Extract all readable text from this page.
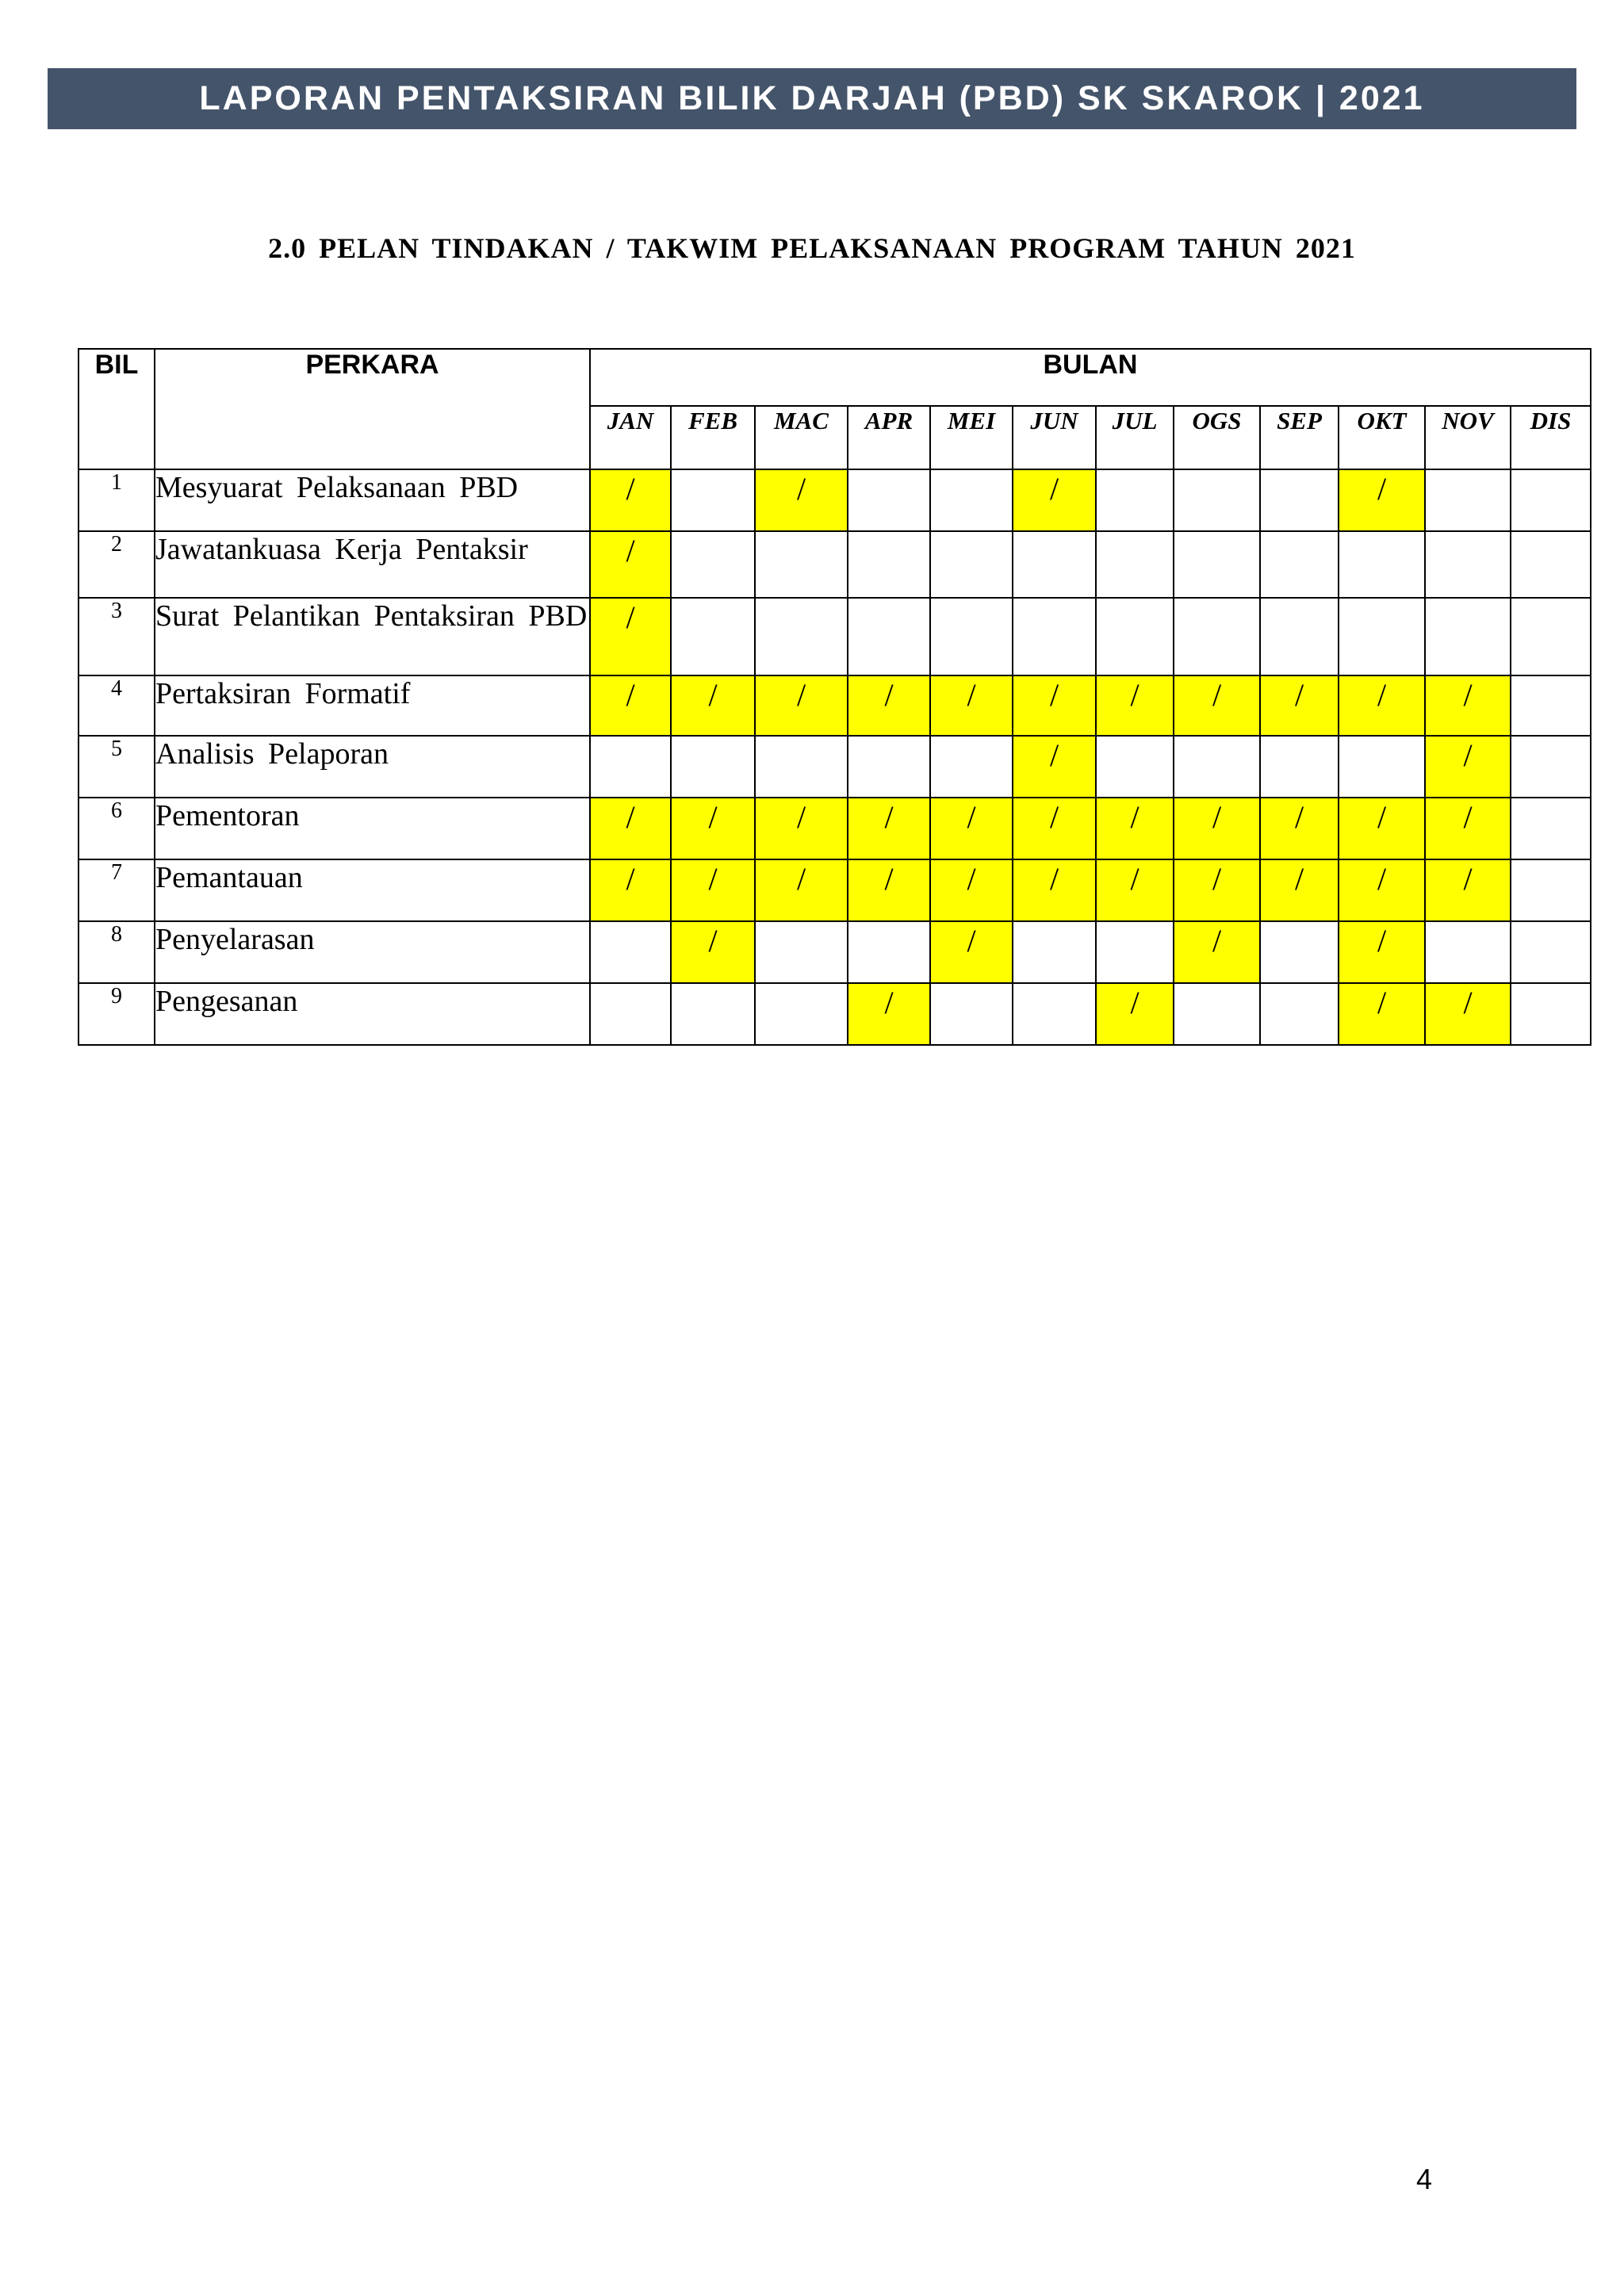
LAPORAN PENTAKSIRAN BILIK DARJAH (PBD) SK SKAROK | 2021
2.0 PELAN TINDAKAN / TAKWIM PELAKSANAAN PROGRAM TAHUN 2021
BIL	PERKARA	BULAN											
		JAN	FEB	MAC	APR	MEI	JUN	JUL	OGS	SEP	OKT	NOV	DIS
1	Mesyuarat Pelaksanaan PBD	/		/			/				/		
2	Jawatankuasa Kerja Pentaksir	/											
3	Surat Pelantikan Pentaksiran PBD	/											
4	Pertaksiran Formatif	/	/	/	/	/	/	/	/	/	/	/	
5	Analisis Pelaporan						/					/	
6	Pementoran	/	/	/	/	/	/	/	/	/	/	/	
7	Pemantauan	/	/	/	/	/	/	/	/	/	/	/	
8	Penyelarasan		/			/			/		/		
9	Pengesanan				/			/			/	/	
4
